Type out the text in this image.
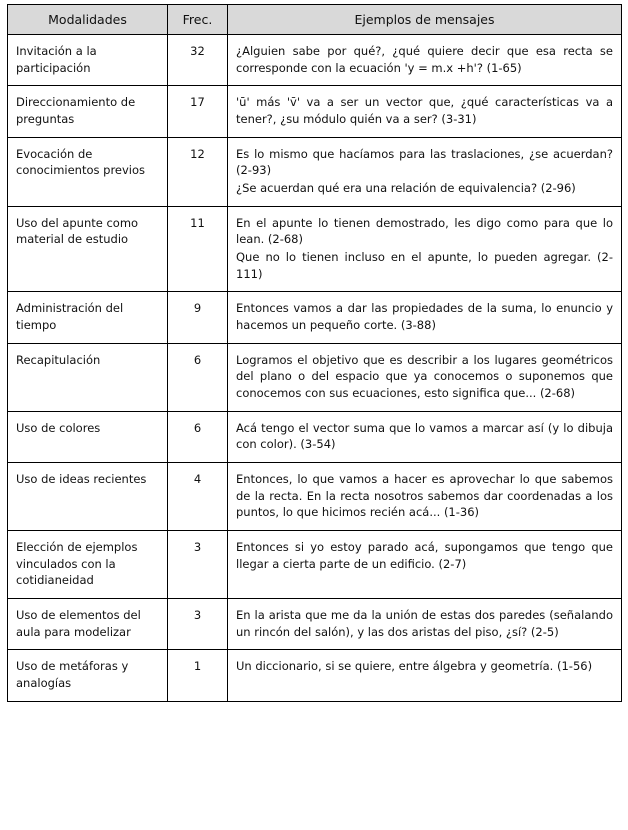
Modalidades	Frec.	Ejemplos de mensajes
Invitación a la participación	32	¿Alguien sabe por qué?, ¿qué quiere decir que esa recta se corresponde con la ecuación 'y = m.x +h'? (1-65)

Direccionamiento de preguntas	17	'ū' más 'v̄' va a ser un vector que, ¿qué características va a tener?, ¿su módulo quién va a ser? (3-31)

Evocación de conocimientos previos	12	Es lo mismo que hacíamos para las traslaciones, ¿se acuerdan? (2-93)

¿Se acuerdan qué era una relación de equivalencia? (2-96)

Uso del apunte como material de estudio	11	En el apunte lo tienen demostrado, les digo como para que lo lean. (2-68)

Que no lo tienen incluso en el apunte, lo pueden agregar. (2-111)

Administración del tiempo	9	Entonces vamos a dar las propiedades de la suma, lo enuncio y hacemos un pequeño corte. (3-88)

Recapitulación	6	Logramos el objetivo que es describir a los lugares geométricos del plano o del espacio que ya conocemos o suponemos que conocemos con sus ecuaciones, esto significa que... (2-68)

Uso de colores	6	Acá tengo el vector suma que lo vamos a marcar así (y lo dibuja con color). (3-54)

Uso de ideas recientes	4	Entonces, lo que vamos a hacer es aprovechar lo que sabemos de la recta. En la recta nosotros sabemos dar coordenadas a los puntos, lo que hicimos recién acá... (1-36)

Elección de ejemplos vinculados con la cotidianeidad	3	Entonces si yo estoy parado acá, supongamos que tengo que llegar a cierta parte de un edificio. (2-7)

Uso de elementos del aula para modelizar	3	En la arista que me da la unión de estas dos paredes (señalando un rincón del salón), y las dos aristas del piso, ¿sí? (2-5)

Uso de metáforas y analogías	1	Un diccionario, si se quiere, entre álgebra y geometría. (1-56)
